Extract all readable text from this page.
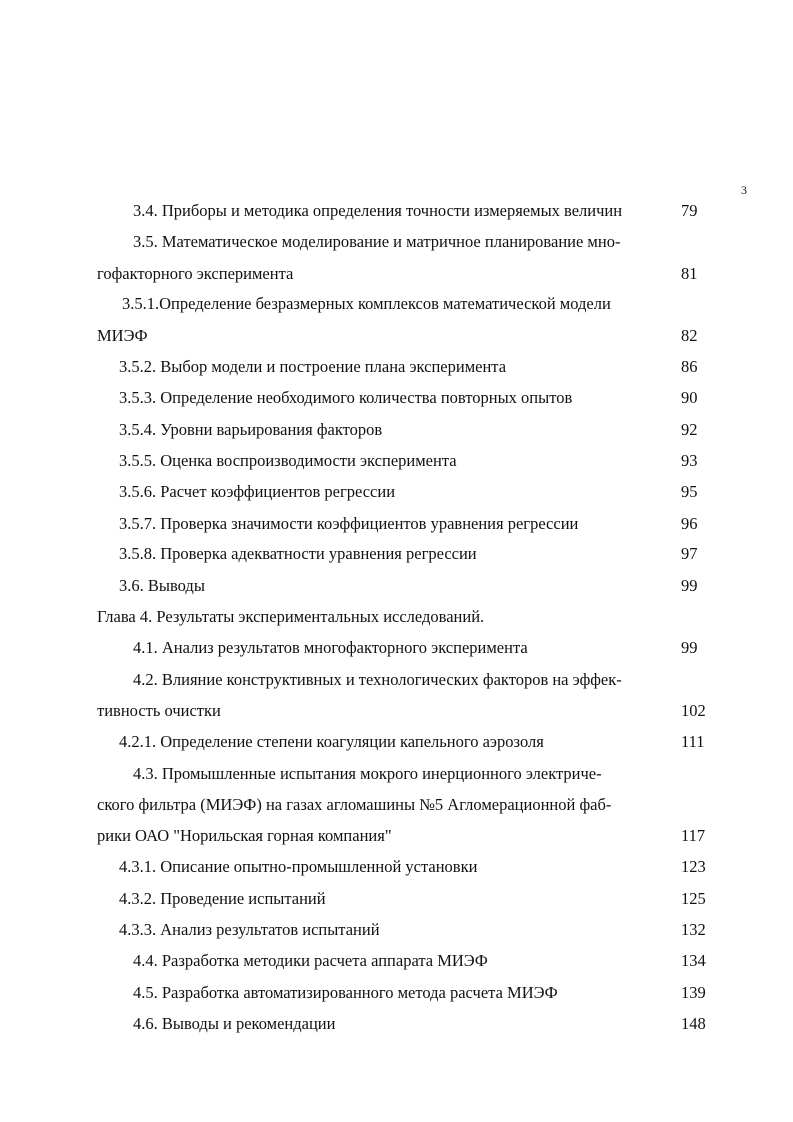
3
3.4. Приборы и методика определения точности измеряемых величин	79
3.5. Математическое моделирование и матричное планирование мно-
гофакторного эксперимента	81
3.5.1.Определение безразмерных комплексов математической модели
МИЭФ	82
3.5.2. Выбор модели и построение плана эксперимента	86
3.5.3. Определение необходимого количества повторных опытов	90
3.5.4. Уровни варьирования факторов	92
3.5.5. Оценка воспроизводимости эксперимента	93
3.5.6. Расчет коэффициентов регрессии	95
3.5.7. Проверка значимости коэффициентов уравнения регрессии	96
3.5.8. Проверка адекватности уравнения регрессии	97
3.6. Выводы	99
Глава 4. Результаты экспериментальных исследований.
4.1. Анализ результатов многофакторного эксперимента	99
4.2. Влияние конструктивных и технологических факторов на эффек-
тивность очистки	102
4.2.1. Определение степени коагуляции капельного аэрозоля	111
4.3. Промышленные испытания мокрого инерционного электриче-
ского фильтра (МИЭФ) на газах агломашины №5 Агломерационной фаб-
рики ОАО "Норильская горная компания"	117
4.3.1. Описание опытно-промышленной установки	123
4.3.2. Проведение испытаний	125
4.3.3. Анализ результатов испытаний	132
4.4. Разработка методики расчета аппарата МИЭФ	134
4.5. Разработка автоматизированного метода расчета МИЭФ	139
4.6. Выводы и рекомендации	148
